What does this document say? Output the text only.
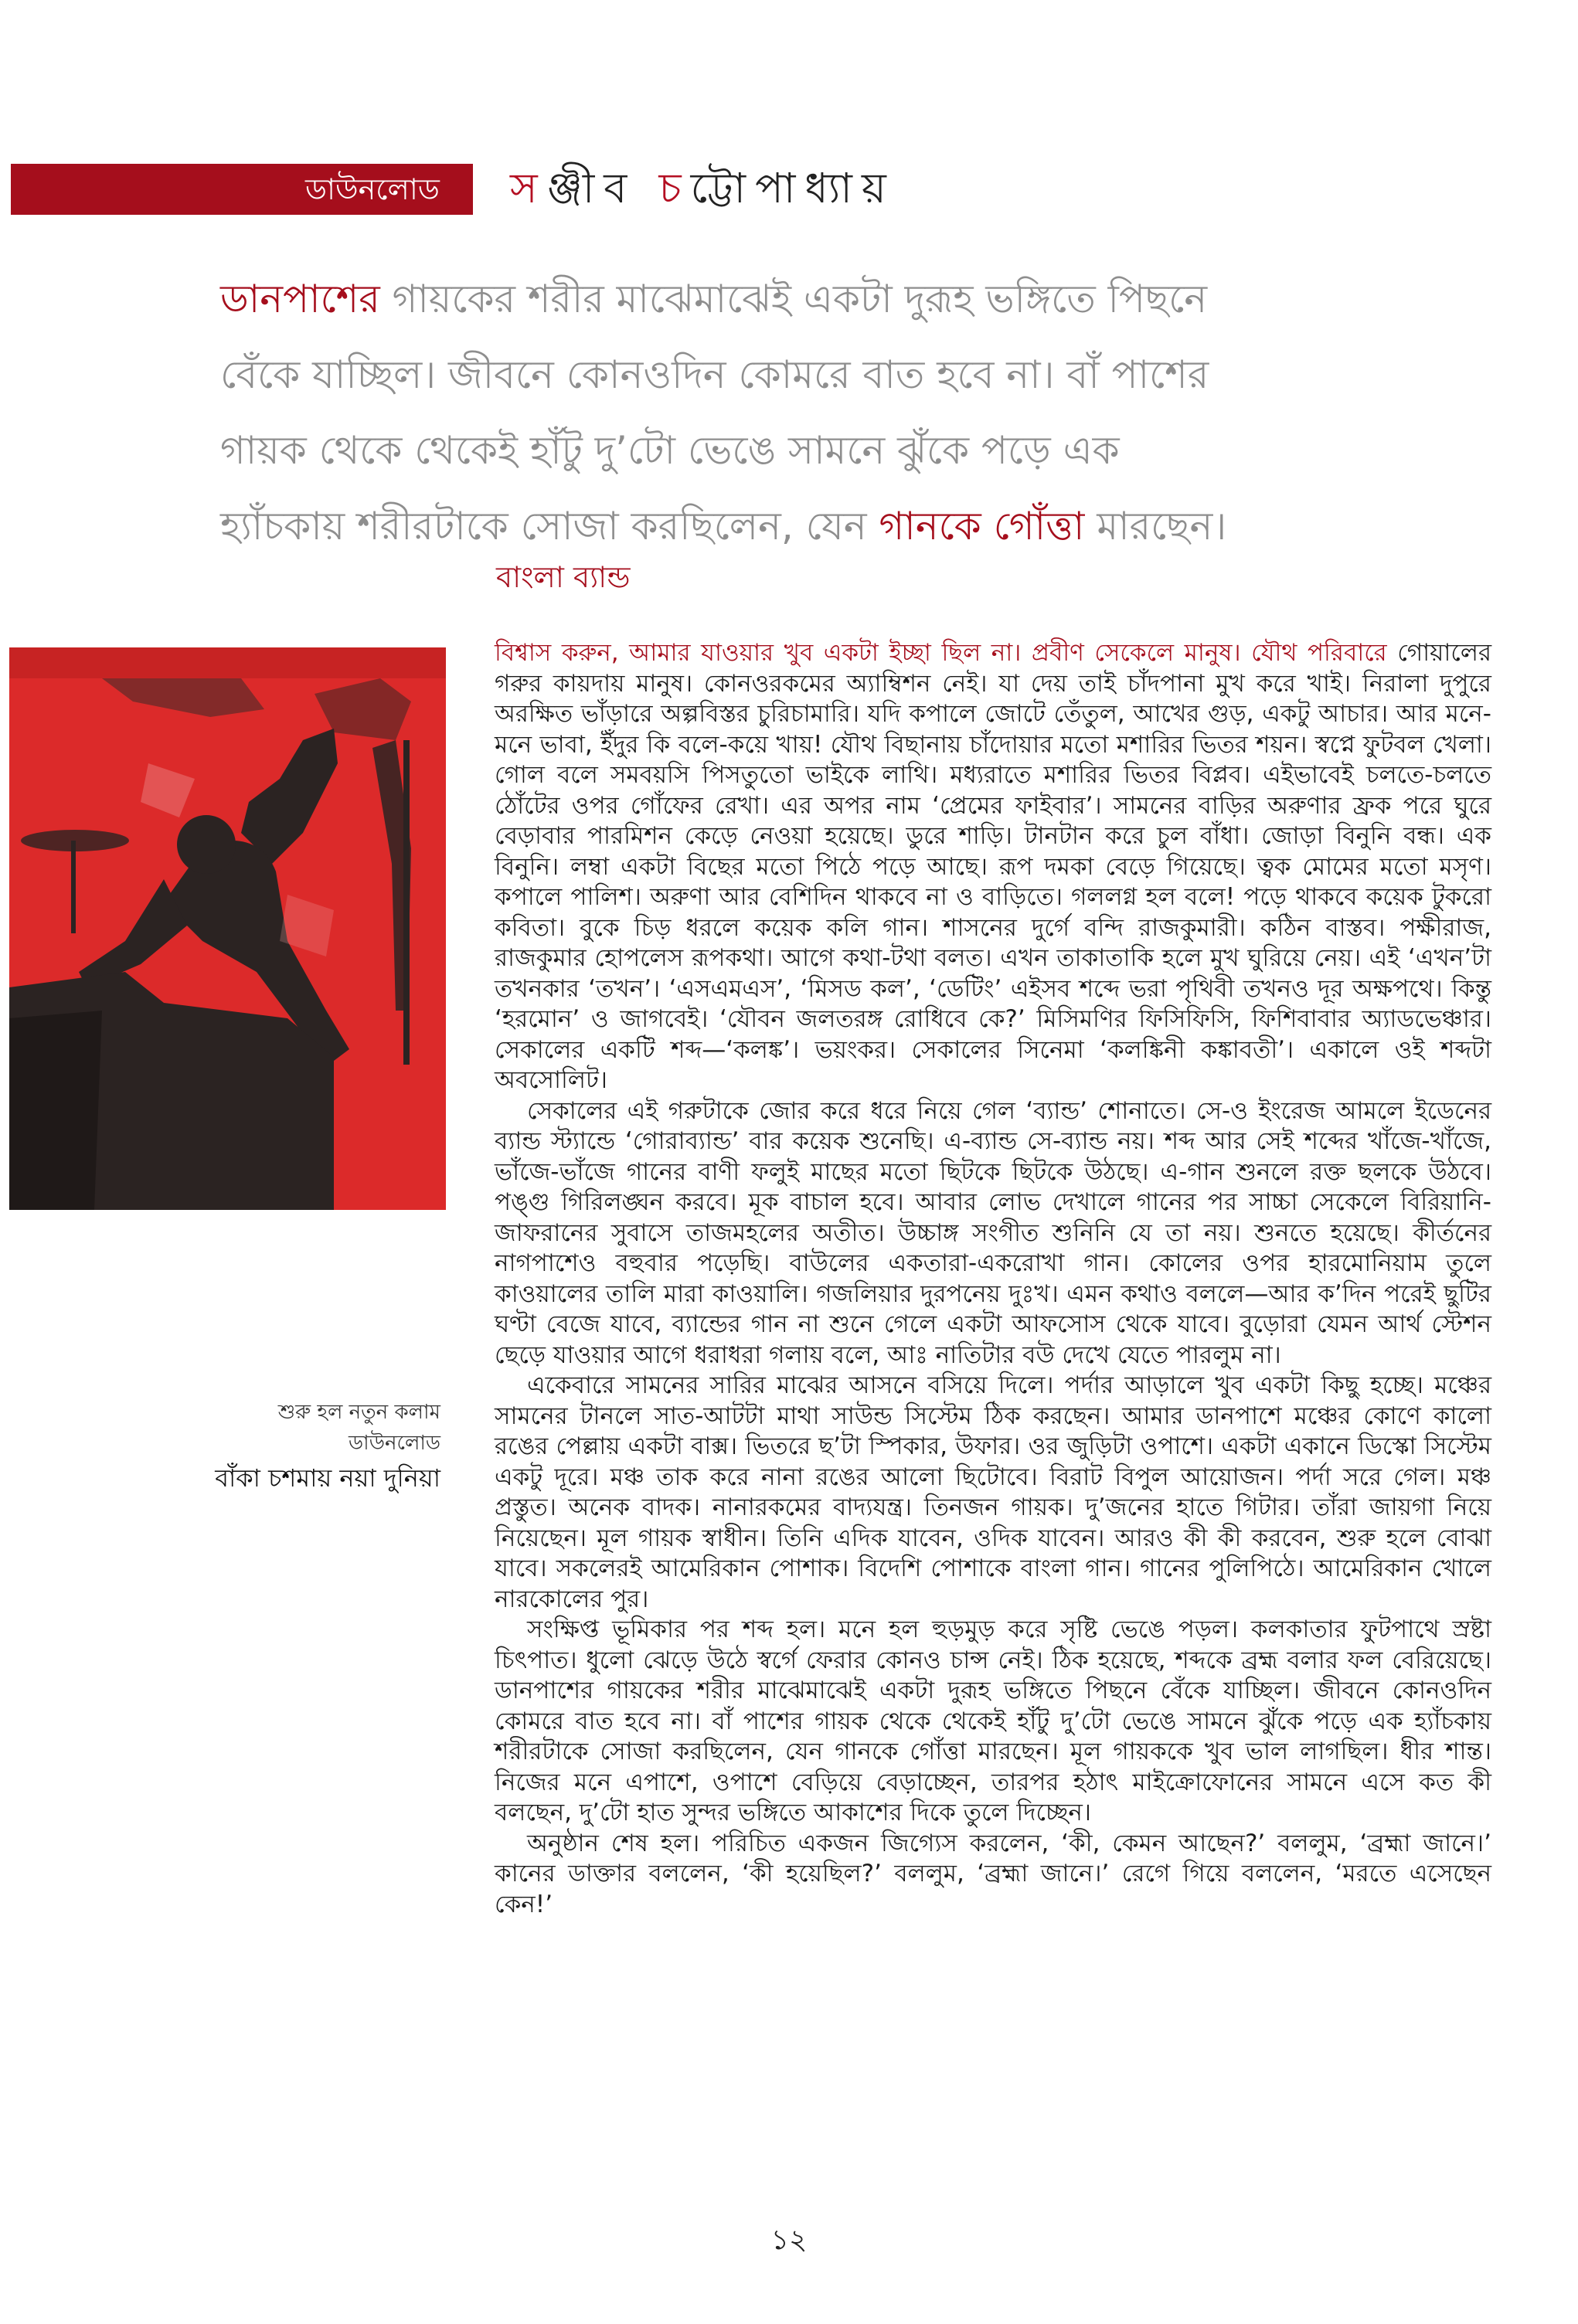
ডাউনলোড সঞ্জীব চট্টোপাধ্যায়
ডানপাশের গায়কের শরীর মাঝেমাঝেই একটা দুরূহ ভঙ্গিতে পিছনে
বেঁকে যাচ্ছিল। জীবনে কোনওদিন কোমরে বাত হবে না। বাঁ পাশের
গায়ক থেকে থেকেই হাঁটু দু’টো ভেঙে সামনে ঝুঁকে পড়ে এক
হ্যাঁচকায় শরীরটাকে সোজা করছিলেন, যেন গানকে গোঁত্তা মারছেন।
বাংলা ব্যান্ড
শুরু হল নতুন কলাম
ডাউনলোড
বাঁকা চশমায় নয়া দুনিয়া

বিশ্বাস করুন, আমার যাওয়ার খুব একটা ইচ্ছা ছিল না। প্রবীণ সেকেলে মানুষ। যৌথ পরিবারে গোয়ালের গরুর কায়দায় মানুষ। কোনওরকমের অ্যাম্বিশন নেই। যা দেয় তাই চাঁদপানা মুখ করে খাই। নিরালা দুপুরে অরক্ষিত ভাঁড়ারে অল্পবিস্তর চুরিচামারি। যদি কপালে জোটে তেঁতুল, আখের গুড়, একটু আচার। আর মনে-মনে ভাবা, ইঁদুর কি বলে-কয়ে খায়! যৌথ বিছানায় চাঁদোয়ার মতো মশারির ভিতর শয়ন। স্বপ্নে ফুটবল খেলা। গোল বলে সমবয়সি পিসতুতো ভাইকে লাথি। মধ্যরাতে মশারির ভিতর বিপ্লব। এইভাবেই চলতে-চলতে ঠোঁটের ওপর গোঁফের রেখা। এর অপর নাম ‘প্রেমের ফাইবার’। সামনের বাড়ির অরুণার ফ্রক পরে ঘুরে বেড়াবার পারমিশন কেড়ে নেওয়া হয়েছে। ডুরে শাড়ি। টানটান করে চুল বাঁধা। জোড়া বিনুনি বন্ধ। এক বিনুনি। লম্বা একটা বিছের মতো পিঠে পড়ে আছে। রূপ দমকা বেড়ে গিয়েছে। ত্বক মোমের মতো মসৃণ। কপালে পালিশ। অরুণা আর বেশিদিন থাকবে না ও বাড়িতে। গললগ্ন হল বলে! পড়ে থাকবে কয়েক টুকরো কবিতা। বুকে চিড় ধরলে কয়েক কলি গান। শাসনের দুর্গে বন্দি রাজকুমারী। কঠিন বাস্তব। পক্ষীরাজ, রাজকুমার হোপলেস রূপকথা। আগে কথা-টথা বলত। এখন তাকাতাকি হলে মুখ ঘুরিয়ে নেয়। এই ‘এখন’টা তখনকার ‘তখন’। ‘এসএমএস’, ‘মিসড কল’, ‘ডেটিং’ এইসব শব্দে ভরা পৃথিবী তখনও দূর অক্ষপথে। কিন্তু ‘হরমোন’ ও জাগবেই। ‘যৌবন জলতরঙ্গ রোধিবে কে?’ মিসিমণির ফিসিফিসি, ফিশিবাবার অ্যাডভেঞ্চার। সেকালের একটি শব্দ—‘কলঙ্ক’। ভয়ংকর। সেকালের সিনেমা ‘কলঙ্কিনী কঙ্কাবতী’। একালে ওই শব্দটা অবসোলিট।

সেকালের এই গরুটাকে জোর করে ধরে নিয়ে গেল ‘ব্যান্ড’ শোনাতে। সে-ও ইংরেজ আমলে ইডেনের ব্যান্ড স্ট্যান্ডে ‘গোরাব্যান্ড’ বার কয়েক শুনেছি। এ-ব্যান্ড সে-ব্যান্ড নয়। শব্দ আর সেই শব্দের খাঁজে-খাঁজে, ভাঁজে-ভাঁজে গানের বাণী ফলুই মাছের মতো ছিটকে ছিটকে উঠছে। এ-গান শুনলে রক্ত ছলকে উঠবে। পঙ্গু গিরিলঙ্ঘন করবে। মূক বাচাল হবে। আবার লোভ দেখালে গানের পর সাচ্চা সেকেলে বিরিয়ানি-জাফরানের সুবাসে তাজমহলের অতীত। উচ্চাঙ্গ সংগীত শুনিনি যে তা নয়। শুনতে হয়েছে। কীর্তনের নাগপাশেও বহুবার পড়েছি। বাউলের একতারা-একরোখা গান। কোলের ওপর হারমোনিয়াম তুলে কাওয়ালের তালি মারা কাওয়ালি। গজলিয়ার দুরপনেয় দুঃখ। এমন কথাও বললে—আর ক’দিন পরেই ছুটির ঘণ্টা বেজে যাবে, ব্যান্ডের গান না শুনে গেলে একটা আফসোস থেকে যাবে। বুড়োরা যেমন আর্থ স্টেশন ছেড়ে যাওয়ার আগে ধরাধরা গলায় বলে, আঃ নাতিটার বউ দেখে যেতে পারলুম না।

একেবারে সামনের সারির মাঝের আসনে বসিয়ে দিলে। পর্দার আড়ালে খুব একটা কিছু হচ্ছে। মঞ্চের সামনের টানলে সাত-আটটা মাথা সাউন্ড সিস্টেম ঠিক করছেন। আমার ডানপাশে মঞ্চের কোণে কালো রঙের পেল্লায় একটা বাক্স। ভিতরে ছ’টা স্পিকার, উফার। ওর জুড়িটা ওপাশে। একটা একানে ডিস্কো সিস্টেম একটু দূরে। মঞ্চ তাক করে নানা রঙের আলো ছিটোবে। বিরাট বিপুল আয়োজন। পর্দা সরে গেল। মঞ্চ প্রস্তুত। অনেক বাদক। নানারকমের বাদ্যযন্ত্র। তিনজন গায়ক। দু’জনের হাতে গিটার। তাঁরা জায়গা নিয়ে নিয়েছেন। মূল গায়ক স্বাধীন। তিনি এদিক যাবেন, ওদিক যাবেন। আরও কী কী করবেন, শুরু হলে বোঝা যাবে। সকলেরই আমেরিকান পোশাক। বিদেশি পোশাকে বাংলা গান। গানের পুলিপিঠে। আমেরিকান খোলে নারকোলের পুর।

সংক্ষিপ্ত ভূমিকার পর শব্দ হল। মনে হল হুড়মুড় করে সৃষ্টি ভেঙে পড়ল। কলকাতার ফুটপাথে স্রষ্টা চিৎপাত। ধুলো ঝেড়ে উঠে স্বর্গে ফেরার কোনও চান্স নেই। ঠিক হয়েছে, শব্দকে ব্রহ্ম বলার ফল বেরিয়েছে। ডানপাশের গায়কের শরীর মাঝেমাঝেই একটা দুরূহ ভঙ্গিতে পিছনে বেঁকে যাচ্ছিল। জীবনে কোনওদিন কোমরে বাত হবে না। বাঁ পাশের গায়ক থেকে থেকেই হাঁটু দু’টো ভেঙে সামনে ঝুঁকে পড়ে এক হ্যাঁচকায় শরীরটাকে সোজা করছিলেন, যেন গানকে গোঁত্তা মারছেন। মূল গায়ককে খুব ভাল লাগছিল। ধীর শান্ত। নিজের মনে এপাশে, ওপাশে বেড়িয়ে বেড়াচ্ছেন, তারপর হঠাৎ মাইক্রোফোনের সামনে এসে কত কী বলছেন, দু’টো হাত সুন্দর ভঙ্গিতে আকাশের দিকে তুলে দিচ্ছেন।

অনুষ্ঠান শেষ হল। পরিচিত একজন জিগ্যেস করলেন, ‘কী, কেমন আছেন?’ বললুম, ‘ব্রহ্মা জানে।’ কানের ডাক্তার বললেন, ‘কী হয়েছিল?’ বললুম, ‘ব্রহ্মা জানে।’ রেগে গিয়ে বললেন, ‘মরতে এসেছেন কেন!’

১২
